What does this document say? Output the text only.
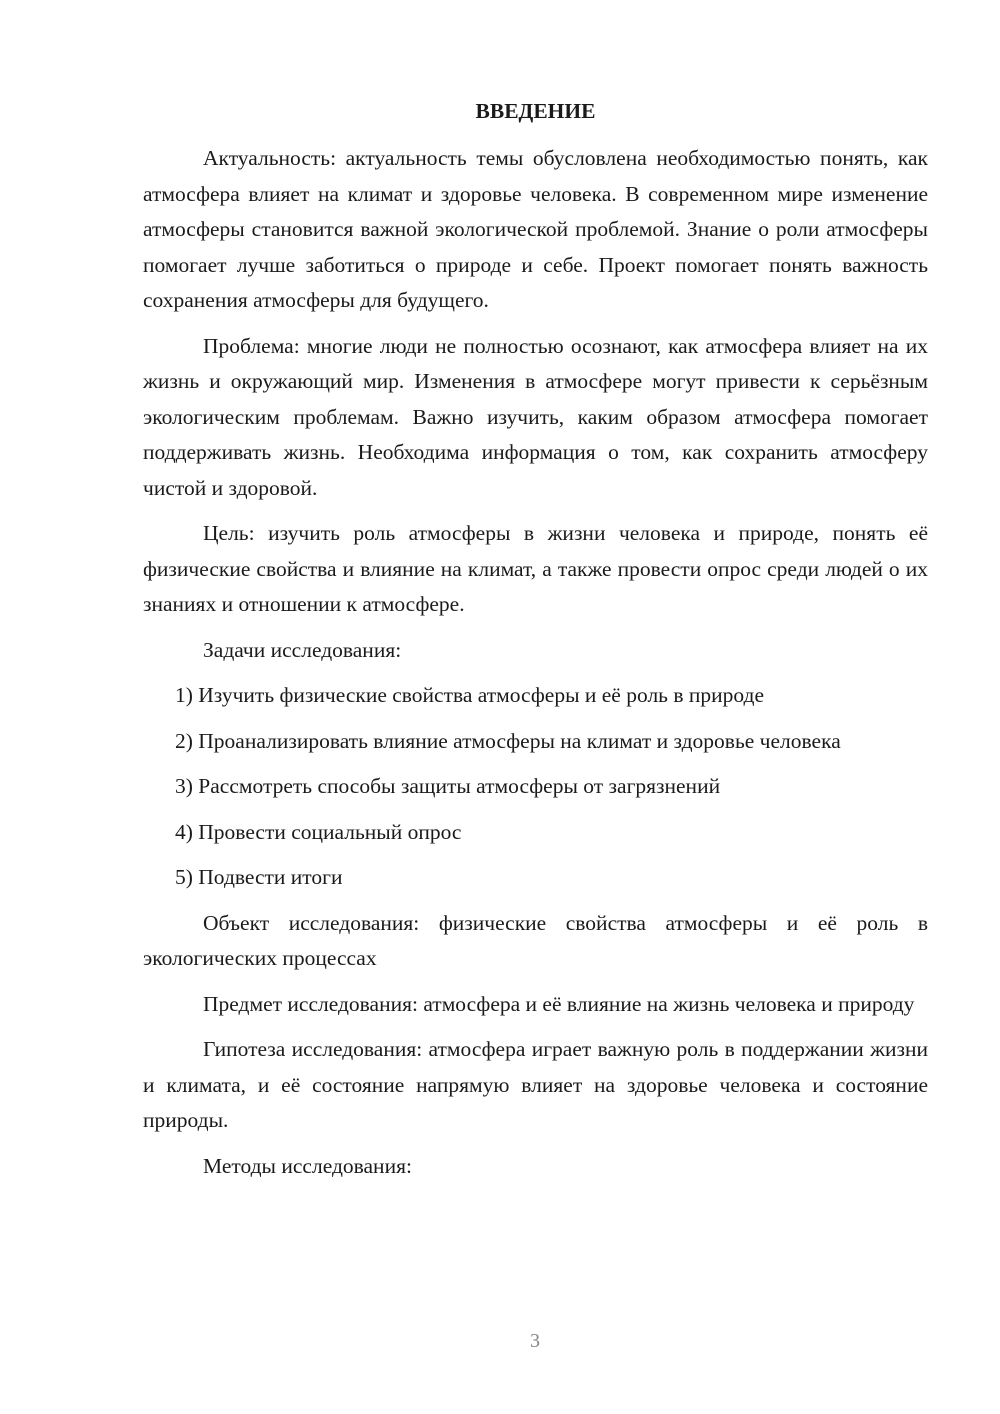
ВВЕДЕНИЕ

Актуальность: актуальность темы обусловлена необходимостью понять, как атмосфера влияет на климат и здоровье человека. В современном мире изменение атмосферы становится важной экологической проблемой. Знание о роли атмосферы помогает лучше заботиться о природе и себе. Проект помогает понять важность сохранения атмосферы для будущего.

Проблема: многие люди не полностью осознают, как атмосфера влияет на их жизнь и окружающий мир. Изменения в атмосфере могут привести к серьёзным экологическим проблемам. Важно изучить, каким образом атмосфера помогает поддерживать жизнь. Необходима информация о том, как сохранить атмосферу чистой и здоровой.

Цель: изучить роль атмосферы в жизни человека и природе, понять её физические свойства и влияние на климат, а также провести опрос среди людей о их знаниях и отношении к атмосфере.

Задачи исследования:

1) Изучить физические свойства атмосферы и её роль в природе

2) Проанализировать влияние атмосферы на климат и здоровье человека

3) Рассмотреть способы защиты атмосферы от загрязнений

4) Провести социальный опрос

5) Подвести итоги

Объект исследования: физические свойства атмосферы и её роль в экологических процессах

Предмет исследования: атмосфера и её влияние на жизнь человека и природу

Гипотеза исследования: атмосфера играет важную роль в поддержании жизни и климата, и её состояние напрямую влияет на здоровье человека и состояние природы.

Методы исследования:

3
